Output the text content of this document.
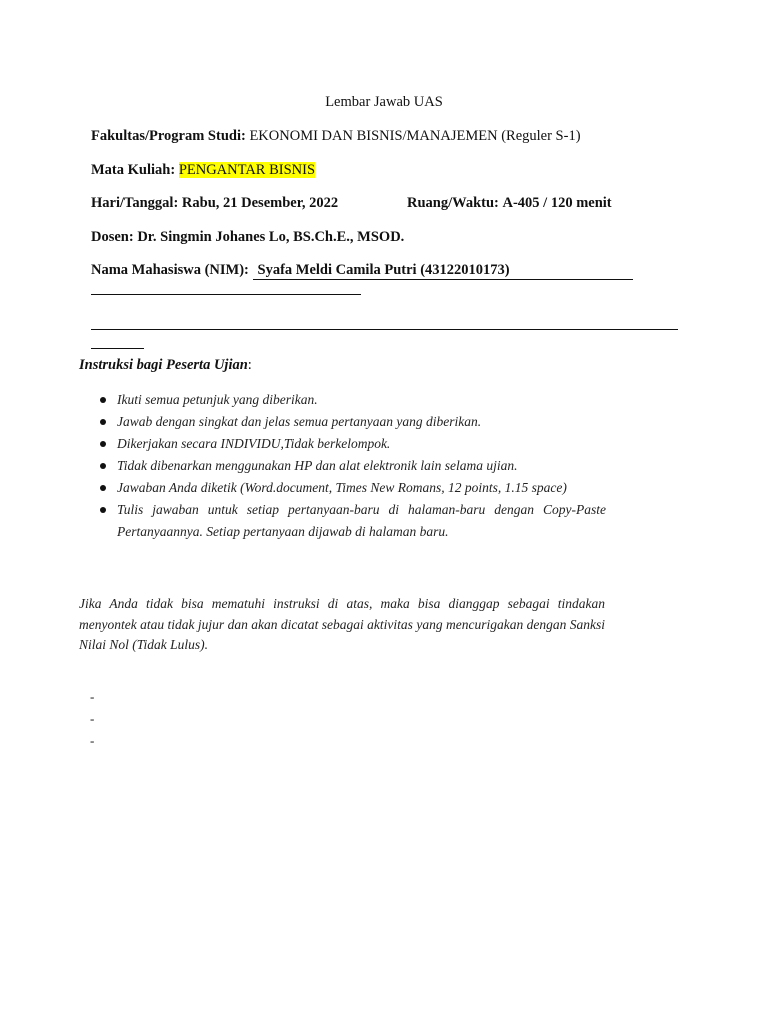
Lembar Jawab UAS
Fakultas/Program Studi: EKONOMI DAN BISNIS/MANAJEMEN (Reguler S-1)
Mata Kuliah: PENGANTAR BISNIS
Hari/Tanggal: Rabu, 21 Desember, 2022	Ruang/Waktu: A-405 / 120 menit
Dosen: Dr. Singmin Johanes Lo, BS.Ch.E., MSOD.
Nama Mahasiswa (NIM): Syafa Meldi Camila Putri (43122010173)
Instruksi bagi Peserta Ujian:
Ikuti semua petunjuk yang diberikan.
Jawab dengan singkat dan jelas semua pertanyaan yang diberikan.
Dikerjakan secara INDIVIDU,Tidak berkelompok.
Tidak dibenarkan menggunakan HP dan alat elektronik lain selama ujian.
Jawaban Anda diketik (Word.document, Times New Romans, 12 points, 1.15 space)
Tulis jawaban untuk setiap pertanyaan-baru di halaman-baru dengan Copy-Paste Pertanyaannya. Setiap pertanyaan dijawab di halaman baru.
Jika Anda tidak bisa mematuhi instruksi di atas, maka bisa dianggap sebagai tindakan menyontek atau tidak jujur dan akan dicatat sebagai aktivitas yang mencurigakan dengan Sanksi Nilai Nol (Tidak Lulus).
-
-
-
